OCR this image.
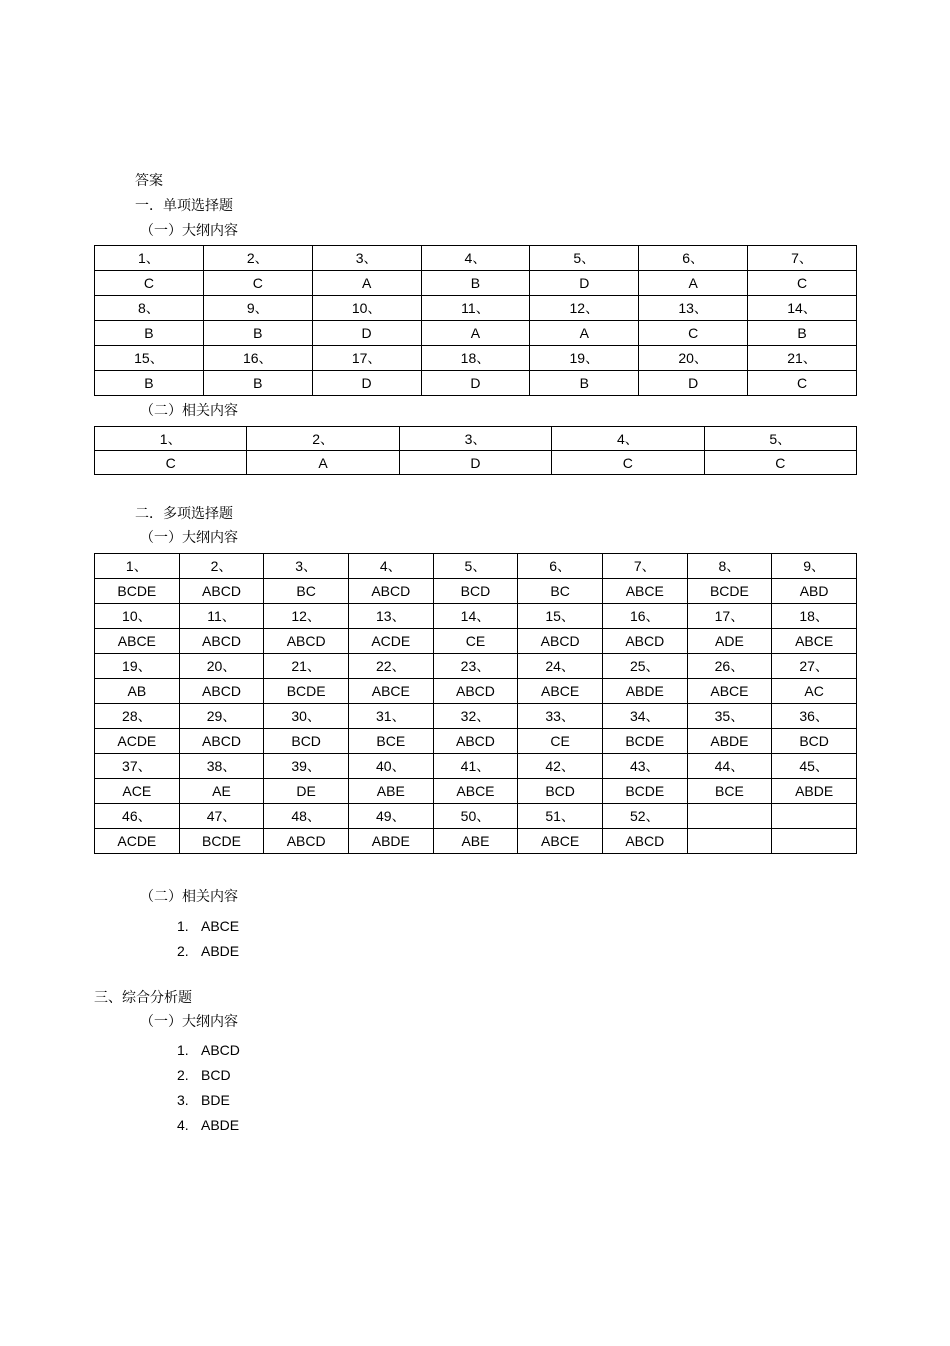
答案
一．单项选择题
（一）大纲内容
1、	2、	3、	4、	5、	6、	7、
C	C	A	B	D	A	C
8、	9、	10、	11、	12、	13、	14、
B	B	D	A	A	C	B
15、	16、	17、	18、	19、	20、	21、
B	B	D	D	B	D	C
（二）相关内容
1、	2、	3、	4、	5、
C	A	D	C	C
二．多项选择题
（一）大纲内容
1、	2、	3、	4、	5、	6、	7、	8、	9、
BCDE	ABCD	BC	ABCD	BCD	BC	ABCE	BCDE	ABD
10、	11、	12、	13、	14、	15、	16、	17、	18、
ABCE	ABCD	ABCD	ACDE	CE	ABCD	ABCD	ADE	ABCE
19、	20、	21、	22、	23、	24、	25、	26、	27、
AB	ABCD	BCDE	ABCE	ABCD	ABCE	ABDE	ABCE	AC
28、	29、	30、	31、	32、	33、	34、	35、	36、
ACDE	ABCD	BCD	BCE	ABCD	CE	BCDE	ABDE	BCD
37、	38、	39、	40、	41、	42、	43、	44、	45、
ACE	AE	DE	ABE	ABCE	BCD	BCDE	BCE	ABDE
46、	47、	48、	49、	50、	51、	52、		
ACDE	BCDE	ABCD	ABDE	ABE	ABCE	ABCD		
（二）相关内容
1. ABCE
2. ABDE
三、综合分析题
（一）大纲内容
1. ABCD
2. BCD
3. BDE
4. ABDE
